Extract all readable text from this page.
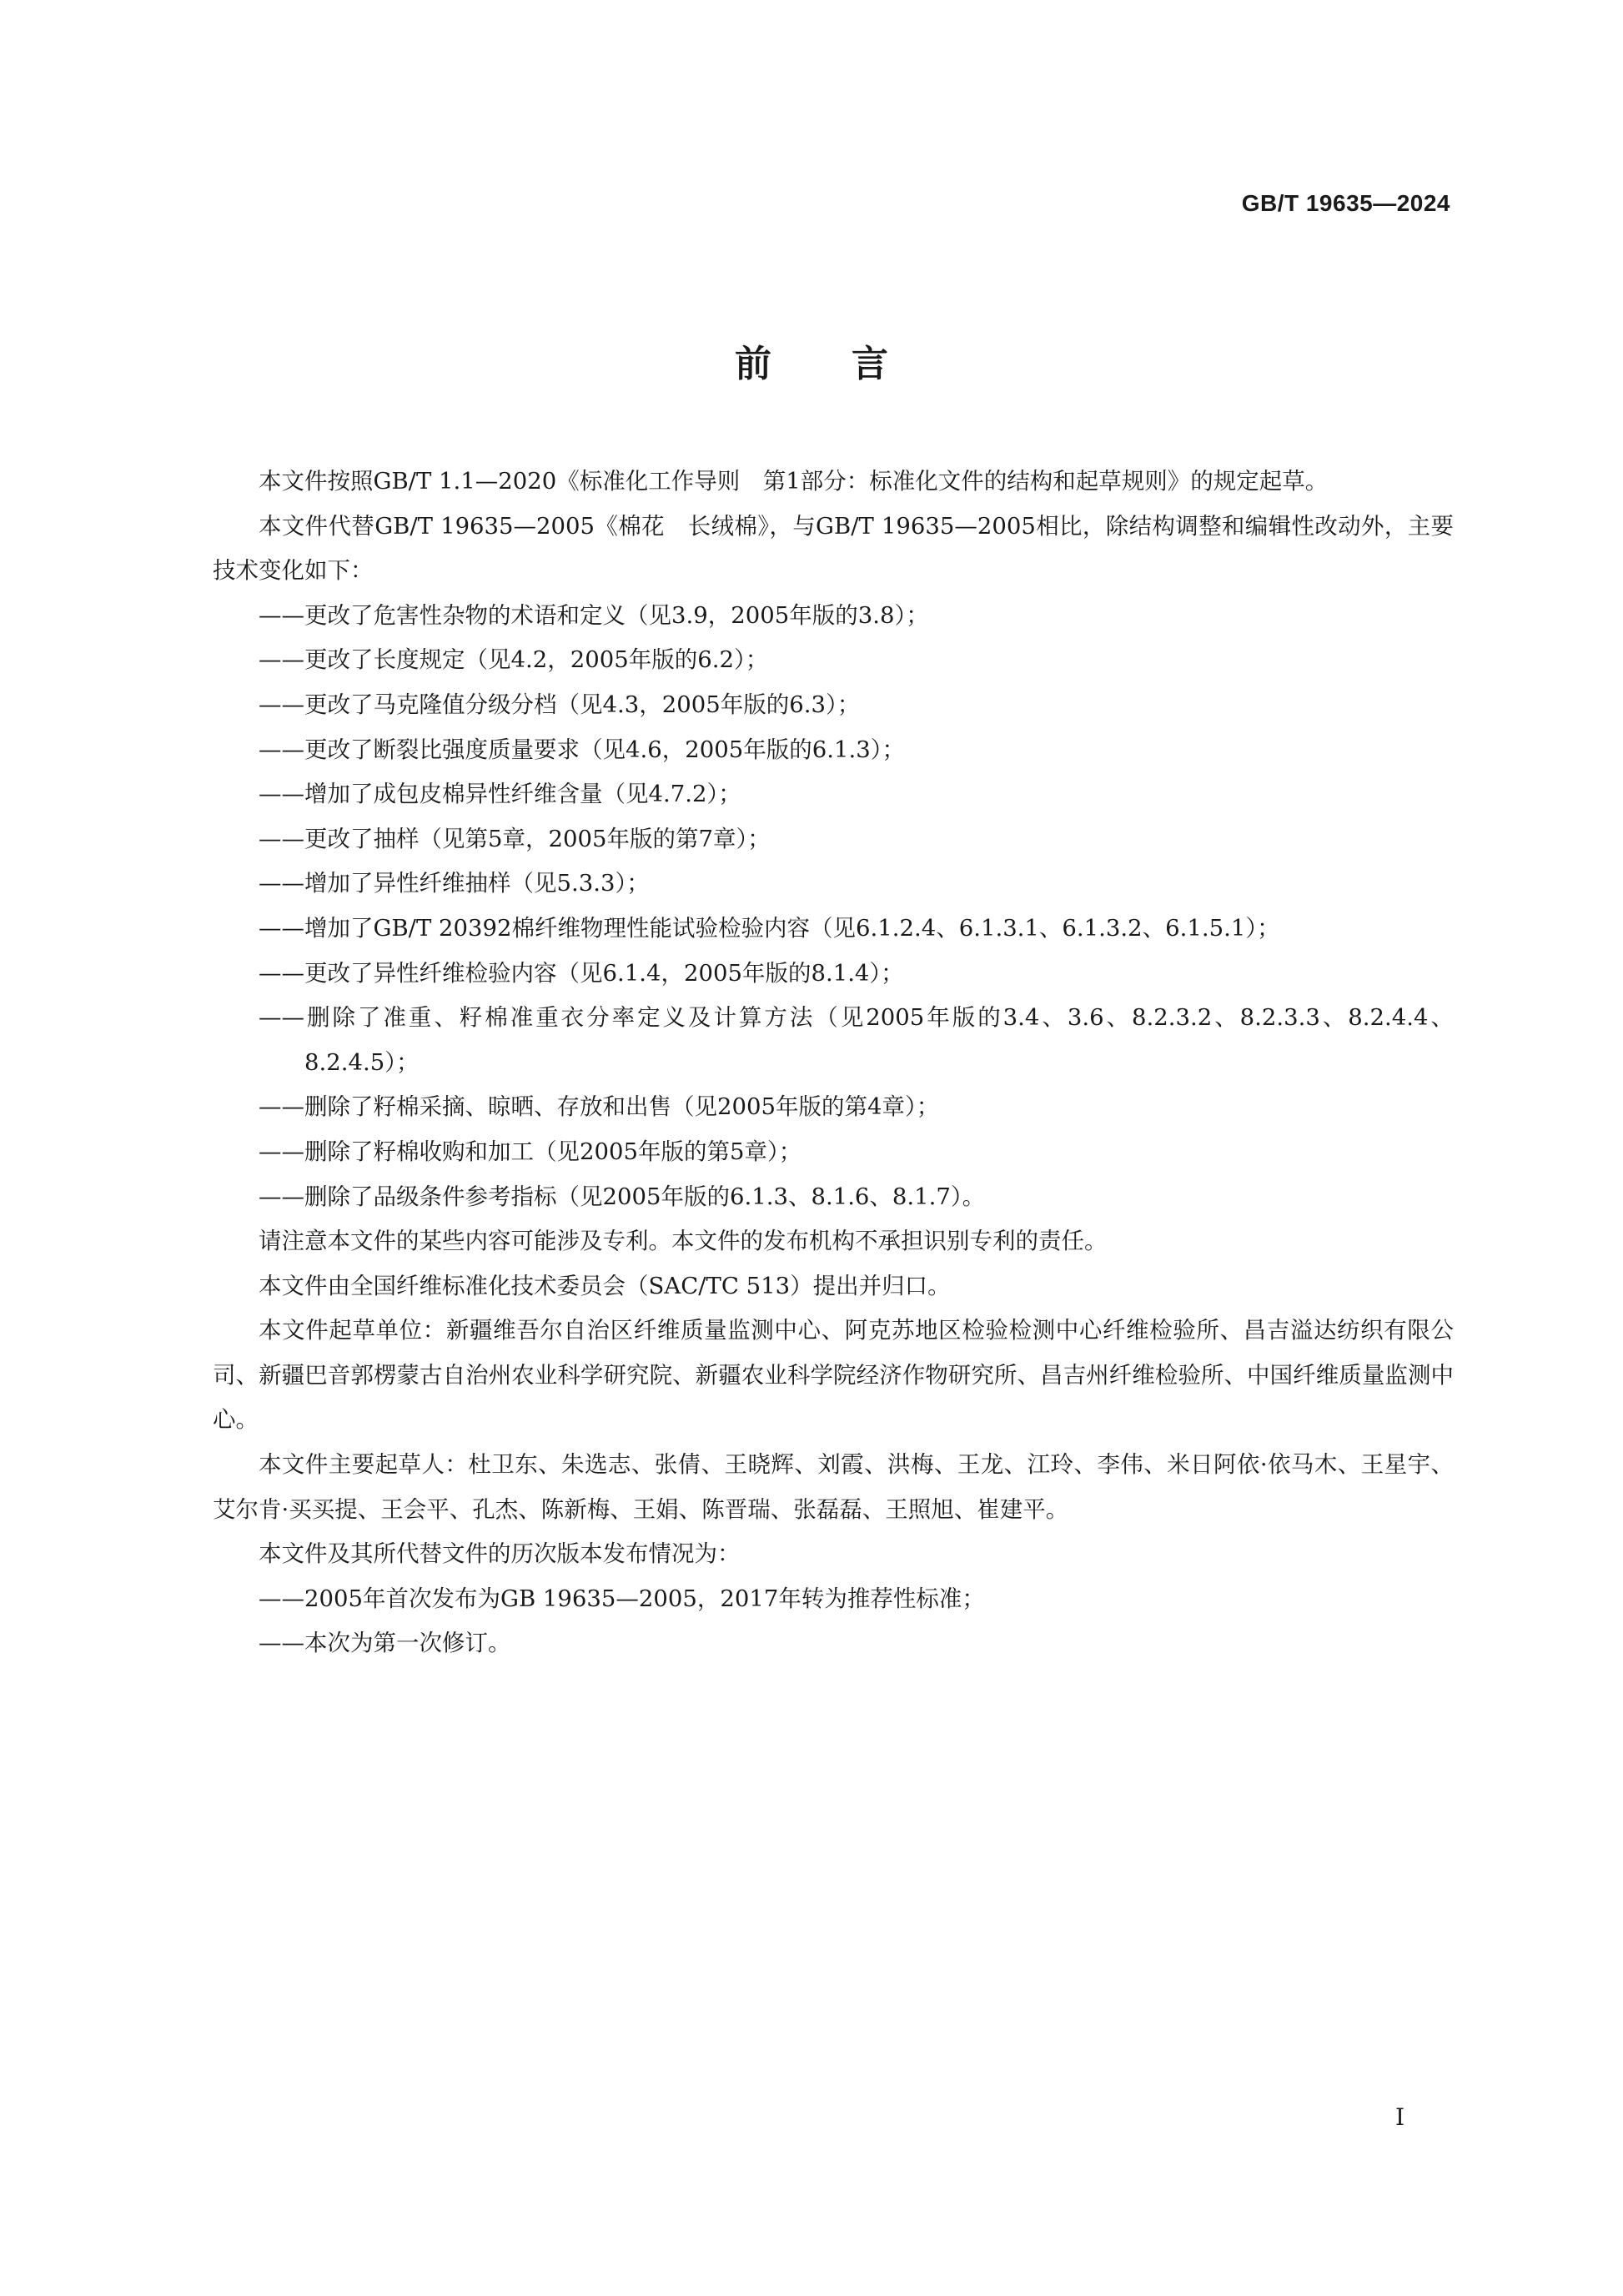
GB/T 19635—2024
前言

本文件按照GB/T 1.1—2020《标准化工作导则　第1部分：标准化文件的结构和起草规则》的规定起草。

本文件代替GB/T 19635—2005《棉花　长绒棉》，与GB/T 19635—2005相比，除结构调整和编辑性改动外，主要技术变化如下：

——更改了危害性杂物的术语和定义（见3.9，2005年版的3.8）；

——更改了长度规定（见4.2，2005年版的6.2）；

——更改了马克隆值分级分档（见4.3，2005年版的6.3）；

——更改了断裂比强度质量要求（见4.6，2005年版的6.1.3）；

——增加了成包皮棉异性纤维含量（见4.7.2）；

——更改了抽样（见第5章，2005年版的第7章）；

——增加了异性纤维抽样（见5.3.3）；

——增加了GB/T 20392棉纤维物理性能试验检验内容（见6.1.2.4、6.1.3.1、6.1.3.2、6.1.5.1）；

——更改了异性纤维检验内容（见6.1.4，2005年版的8.1.4）；

——删除了准重、籽棉准重衣分率定义及计算方法（见2005年版的3.4、3.6、8.2.3.2、8.2.3.3、8.2.4.4、8.2.4.5）；

——删除了籽棉采摘、晾晒、存放和出售（见2005年版的第4章）；

——删除了籽棉收购和加工（见2005年版的第5章）；

——删除了品级条件参考指标（见2005年版的6.1.3、8.1.6、8.1.7）。

请注意本文件的某些内容可能涉及专利。本文件的发布机构不承担识别专利的责任。

本文件由全国纤维标准化技术委员会（SAC/TC 513）提出并归口。

本文件起草单位：新疆维吾尔自治区纤维质量监测中心、阿克苏地区检验检测中心纤维检验所、昌吉溢达纺织有限公司、新疆巴音郭楞蒙古自治州农业科学研究院、新疆农业科学院经济作物研究所、昌吉州纤维检验所、中国纤维质量监测中心。

本文件主要起草人：杜卫东、朱选志、张倩、王晓辉、刘霞、洪梅、王龙、江玲、李伟、米日阿依·依马木、王星宇、艾尔肯·买买提、王会平、孔杰、陈新梅、王娟、陈晋瑞、张磊磊、王照旭、崔建平。

本文件及其所代替文件的历次版本发布情况为：

——2005年首次发布为GB 19635—2005，2017年转为推荐性标准；

——本次为第一次修订。

I
